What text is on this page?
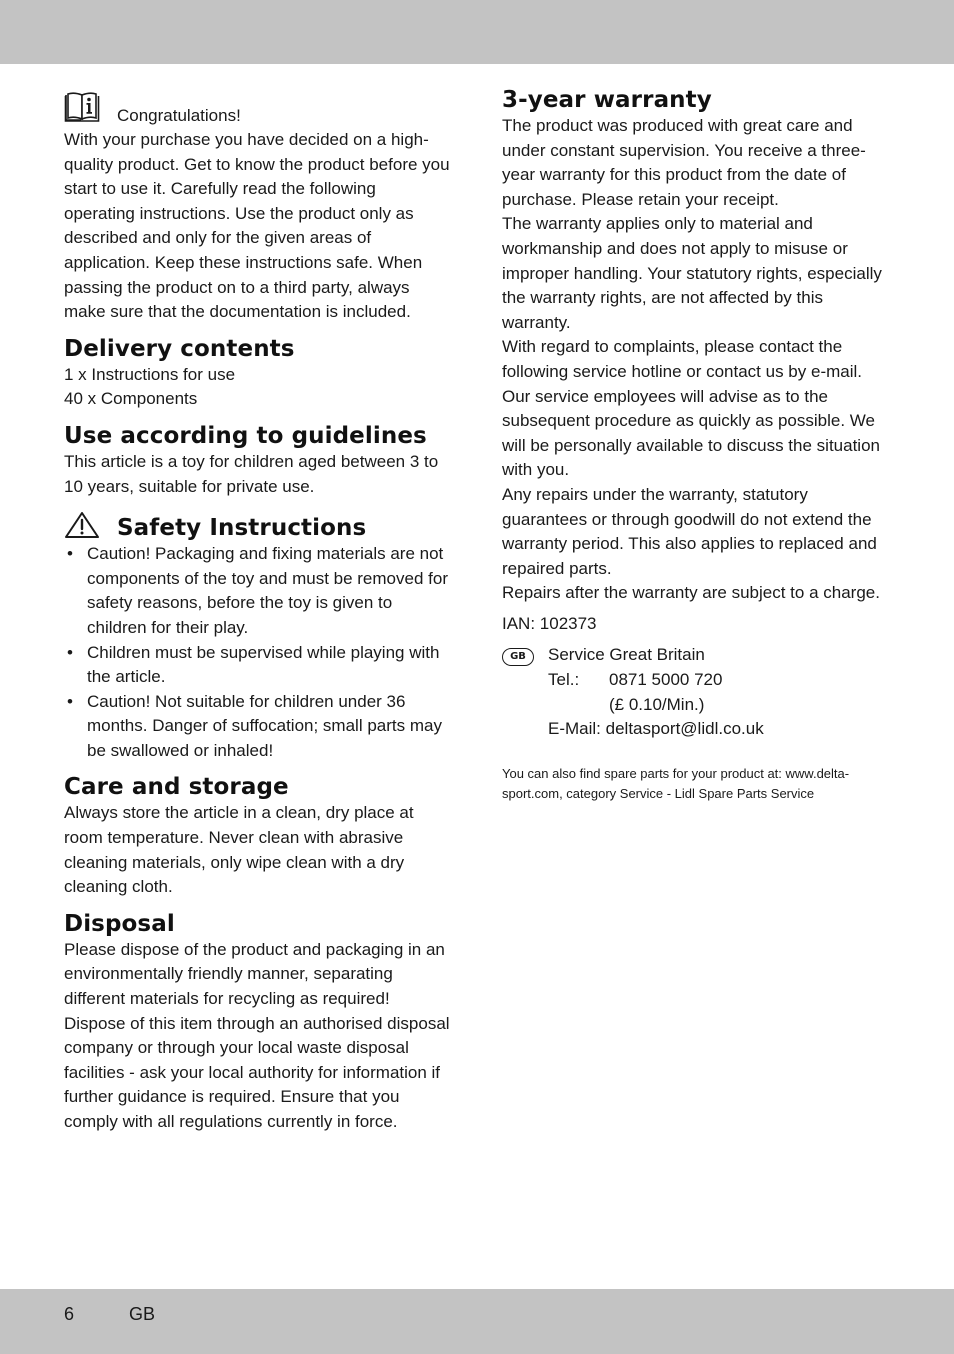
Congratulations!

With your purchase you have decided on a high-quality product. Get to know the product before you start to use it. Carefully read the following operating instructions. Use the product only as described and only for the given areas of application. Keep these instructions safe. When passing the product on to a third party, always make sure that the documentation is included.

Delivery contents

1 x Instructions for use

40 x Components

Use according to guidelines

This article is a toy for children aged between 3 to 10 years, suitable for private use.

Safety Instructions
• Caution! Packaging and fixing materials are not components of the toy and must be removed for safety reasons, before the toy is given to children for their play.
• Children must be supervised while playing with the article.
• Caution! Not suitable for children under 36 months. Danger of suffocation; small parts may be swallowed or inhaled!
Care and storage

Always store the article in a clean, dry place at room temperature. Never clean with abrasive cleaning materials, only wipe clean with a dry cleaning cloth.

Disposal

Please dispose of the product and packaging in an environmentally friendly manner, separating different materials for recycling as required! Dispose of this item through an authorised disposal company or through your local waste disposal facilities - ask your local authority for information if further guidance is required. Ensure that you comply with all regulations currently in force.

3-year warranty

The product was produced with great care and under constant supervision. You receive a three-year warranty for this product from the date of purchase. Please retain your receipt.

The warranty applies only to material and workmanship and does not apply to misuse or improper handling. Your statutory rights, especially the warranty rights, are not affected by this warranty.

With regard to complaints, please contact the following service hotline or contact us by e-mail. Our service employees will advise as to the subsequent procedure as quickly as possible. We will be personally available to discuss the situation with you.

Any repairs under the warranty, statutory guarantees or through goodwill do not extend the warranty period. This also applies to replaced and repaired parts.

Repairs after the warranty are subject to a charge.

IAN: 102373

GB	Service Great Britain
Tel.: 0871 5000 720
(£ 0.10/Min.)
E-Mail: deltasport@lidl.co.uk

You can also find spare parts for your product at: www.delta-sport.com, category Service - Lidl Spare Parts Service

6	GB
